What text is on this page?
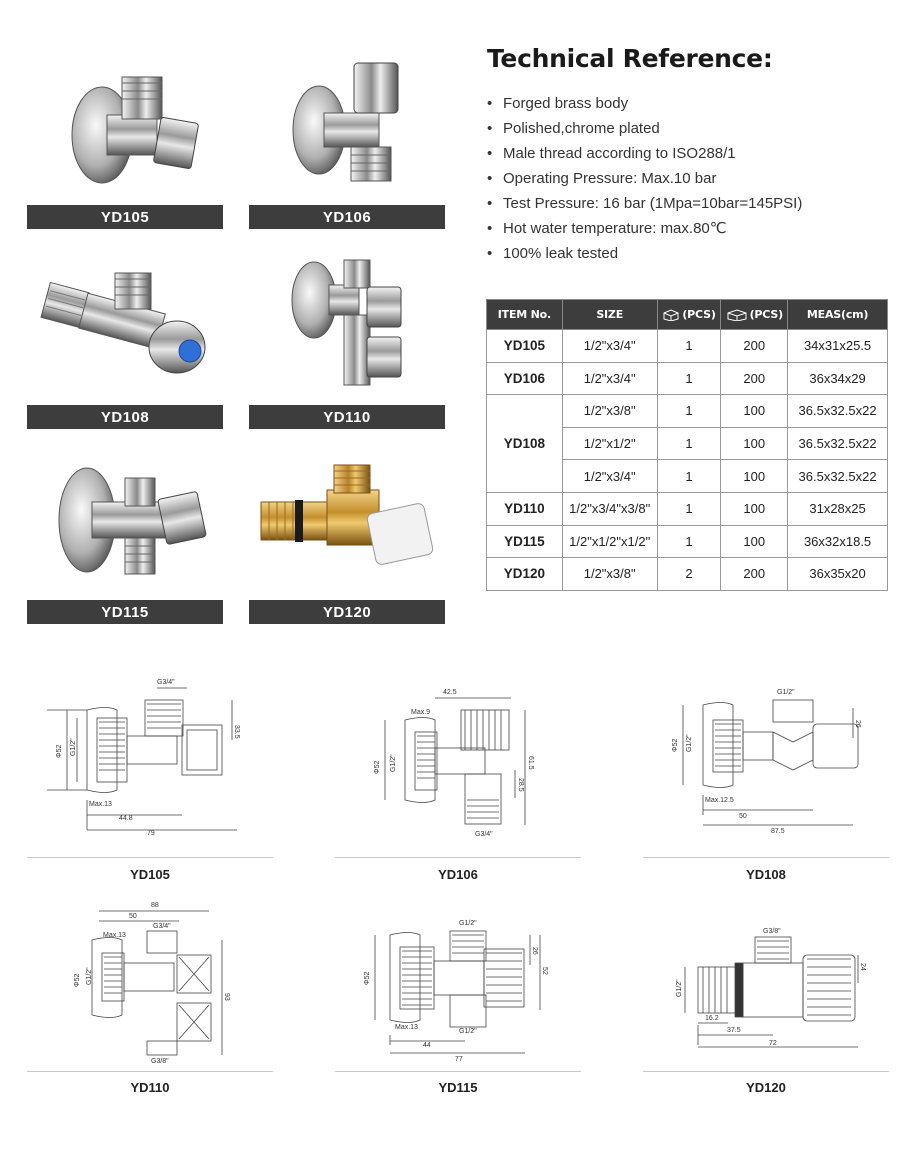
YD105	YD106
YD108	YD110
YD115	YD120
Technical Reference:
• Forged brass body
• Polished,chrome plated
• Male thread according to ISO288/1
• Operating Pressure: Max.10 bar
• Test Pressure: 16 bar (1Mpa=10bar=145PSI)
• Hot water temperature: max.80℃
• 100% leak tested
ITEM No.	SIZE	(PCS)	(PCS)	MEAS(cm)
YD105	1/2"x3/4"	1	200	34x31x25.5
YD106	1/2"x3/4"	1	200	36x34x29
YD108	1/2"x3/8"	1	100	36.5x32.5x22
	1/2"x1/2"	1	100	36.5x32.5x22
	1/2"x3/4"	1	100	36.5x32.5x22
YD110	1/2"x3/4"x3/8"	1	100	31x28x25
YD115	1/2"x1/2"x1/2"	1	100	36x32x18.5
YD120	1/2"x3/8"	2	200	36x35x20
G3/4"
33.5
Φ52 G1/2"
Max.13
44.8
79
YD105
42.5
Max.9
Φ52 G1/2"	61.5
28.5
G3/4"
YD106
G1/2"
26
Φ52 G1/2"
Max.12.5
50
87.5
YD108
88
50
Max.13
G3/4"
Φ52 G1/2"
93
G3/8"
YD110
G1/2"
Φ52
26
52
Max.13
G1/2"
44
77
YD115
G3/8"
G1/2"
24
16.2
37.5
72
YD120
